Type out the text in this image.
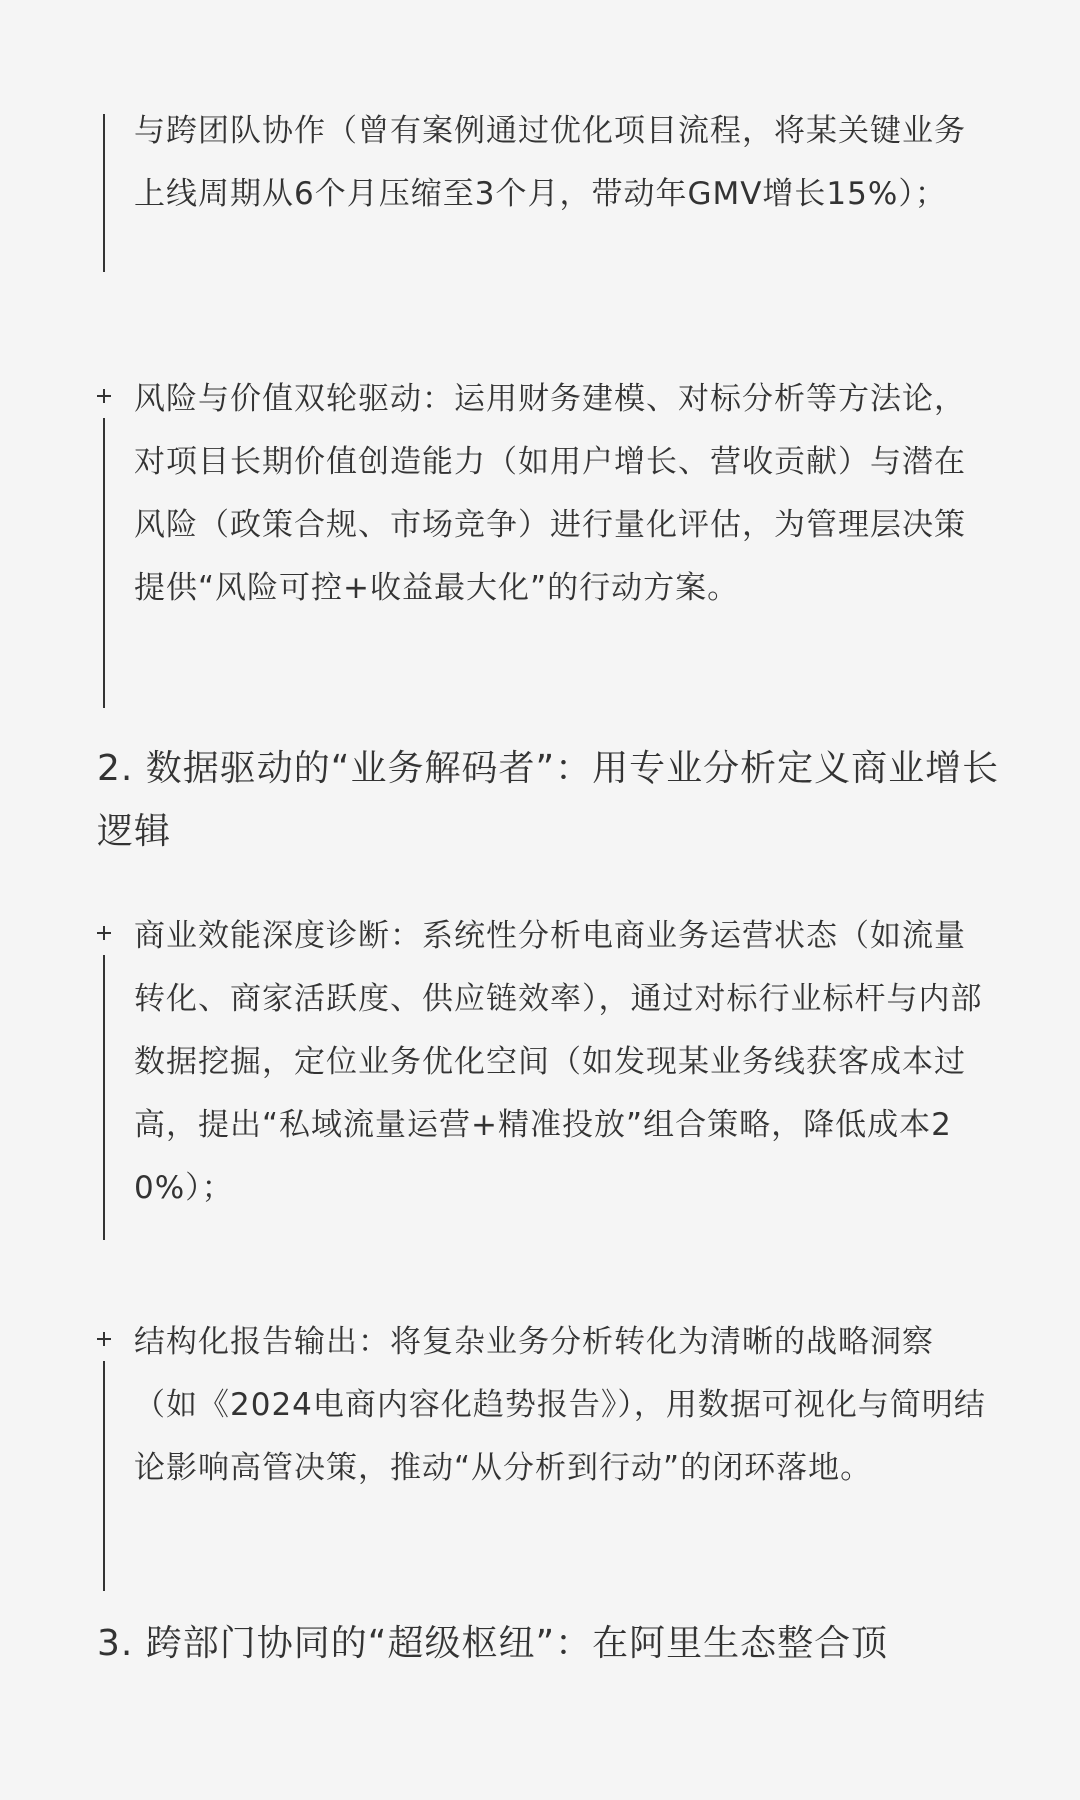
与跨团队协作（曾有案例通过优化项目流程，将某关键业务上线周期从6个月压缩至3个月，带动年GMV增长15%）；
风险与价值双轮驱动：运用财务建模、对标分析等方法论，对项目长期价值创造能力（如用户增长、营收贡献）与潜在风险（政策合规、市场竞争）进行量化评估，为管理层决策提供“风险可控+收益最大化”的行动方案。
2. 数据驱动的“业务解码者”：用专业分析定义商业增长逻辑
商业效能深度诊断：系统性分析电商业务运营状态（如流量转化、商家活跃度、供应链效率），通过对标行业标杆与内部数据挖掘，定位业务优化空间（如发现某业务线获客成本过高，提出“私域流量运营+精准投放”组合策略，降低成本20%）；
结构化报告输出：将复杂业务分析转化为清晰的战略洞察（如《2024电商内容化趋势报告》），用数据可视化与简明结论影响高管决策，推动“从分析到行动”的闭环落地。
3. 跨部门协同的“超级枢纽”：在阿里生态整合顶
